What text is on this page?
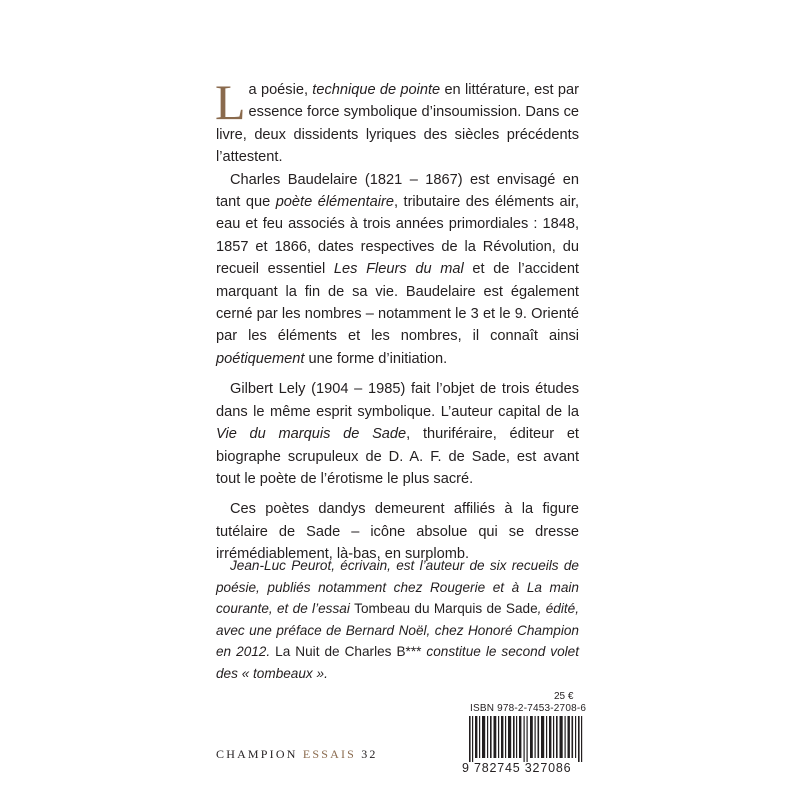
La poésie, technique de pointe en littérature, est par essence force symbolique d’insoumission. Dans ce livre, deux dissidents lyriques des siècles précédents l’attestent.

Charles Baudelaire (1821 – 1867) est envisagé en tant que poète élémentaire, tributaire des éléments air, eau et feu associés à trois années primordiales : 1848, 1857 et 1866, dates respectives de la Révolution, du recueil essentiel Les Fleurs du mal et de l’accident marquant la fin de sa vie. Baudelaire est également cerné par les nombres – notamment le 3 et le 9. Orienté par les éléments et les nombres, il connaît ainsi poétiquement une forme d’initiation.

Gilbert Lely (1904 – 1985) fait l’objet de trois études dans le même esprit symbolique. L’auteur capital de la Vie du marquis de Sade, thuriféraire, éditeur et biographe scrupuleux de D. A. F. de Sade, est avant tout le poète de l’érotisme le plus sacré.

Ces poètes dandys demeurent affiliés à la figure tutélaire de Sade – icône absolue qui se dresse irrémédiablement, là-bas, en surplomb.

Jean-Luc Peurot, écrivain, est l’auteur de six recueils de poésie, publiés notamment chez Rougerie et à La main courante, et de l’essai Tombeau du Marquis de Sade, édité, avec une préface de Bernard Noël, chez Honoré Champion en 2012. La Nuit de Charles B*** constitue le second volet des « tombeaux ».

25 €
ISBN 978-2-7453-2708-6
9 782745 327086
CHAMPION ESSAIS 32
